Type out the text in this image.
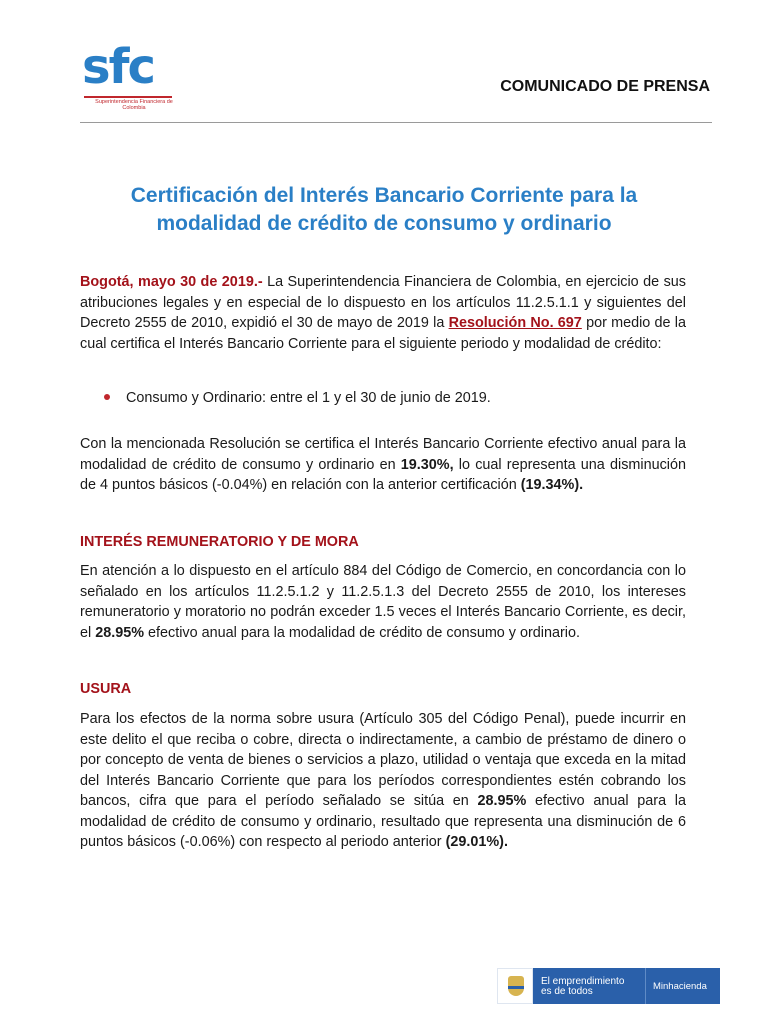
sfc
Superintendencia Financiera de Colombia
COMUNICADO DE PRENSA
Certificación del Interés Bancario Corriente para la modalidad de crédito de consumo y ordinario

Bogotá, mayo 30 de 2019.- La Superintendencia Financiera de Colombia, en ejercicio de sus atribuciones legales y en especial de lo dispuesto en los artículos 11.2.5.1.1 y siguientes del Decreto 2555 de 2010, expidió el 30 de mayo de 2019 la Resolución No. 697 por medio de la cual certifica el Interés Bancario Corriente para el siguiente periodo y modalidad de crédito:

Consumo y Ordinario: entre el 1 y el 30 de junio de 2019.

Con la mencionada Resolución se certifica el Interés Bancario Corriente efectivo anual para la modalidad de crédito de consumo y ordinario en 19.30%, lo cual representa una disminución de 4 puntos básicos (-0.04%) en relación con la anterior certificación (19.34%).

INTERÉS REMUNERATORIO Y DE MORA

En atención a lo dispuesto en el artículo 884 del Código de Comercio, en concordancia con lo señalado en los artículos 11.2.5.1.2 y 11.2.5.1.3 del Decreto 2555 de 2010, los intereses remuneratorio y moratorio no podrán exceder 1.5 veces el Interés Bancario Corriente, es decir, el 28.95% efectivo anual para la modalidad de crédito de consumo y ordinario.

USURA

Para los efectos de la norma sobre usura (Artículo 305 del Código Penal), puede incurrir en este delito el que reciba o cobre, directa o indirectamente, a cambio de préstamo de dinero o por concepto de venta de bienes o servicios a plazo, utilidad o ventaja que exceda en la mitad del Interés Bancario Corriente que para los períodos correspondientes estén cobrando los bancos, cifra que para el período señalado se sitúa en 28.95% efectivo anual para la modalidad de crédito de consumo y ordinario, resultado que representa una disminución de 6 puntos básicos (-0.06%) con respecto al periodo anterior (29.01%).

El emprendimiento
es de todos	Minhacienda
